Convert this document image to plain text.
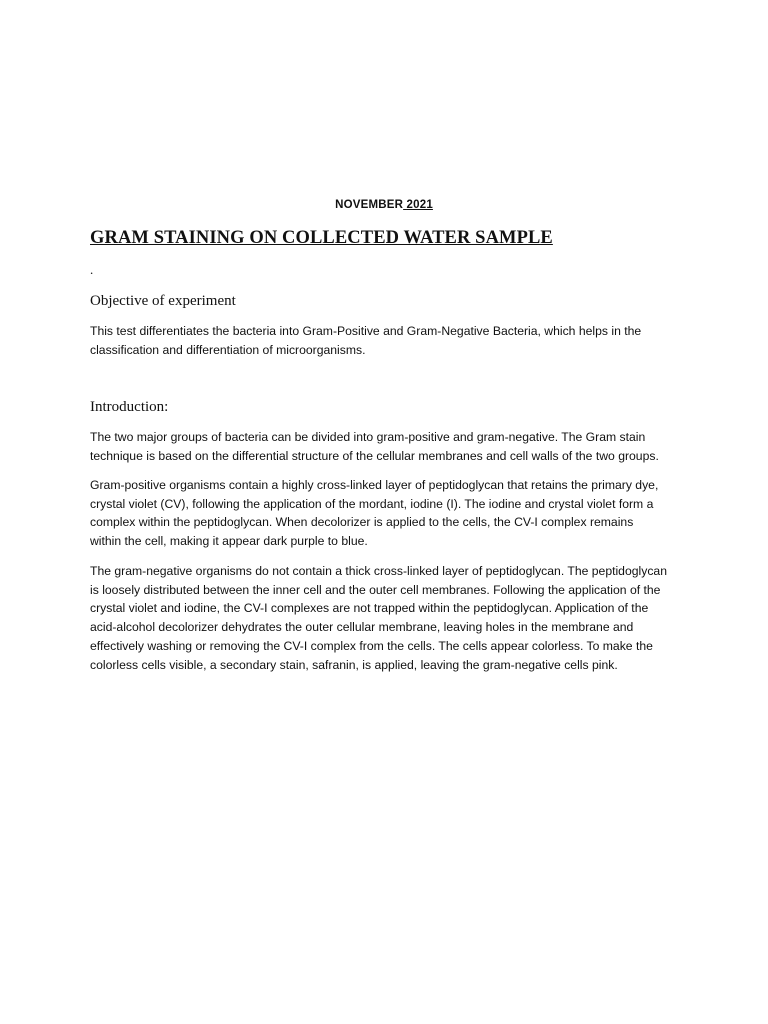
NOVEMBER 2021
GRAM STAINING ON COLLECTED WATER SAMPLE
.
Objective of experiment

This test differentiates the bacteria into Gram-Positive and Gram-Negative Bacteria, which helps in the
classification and differentiation of microorganisms.

Introduction:

The two major groups of bacteria can be divided into gram-positive and gram-negative. The Gram stain
technique is based on the differential structure of the cellular membranes and cell walls of the two groups.

Gram-positive organisms contain a highly cross-linked layer of peptidoglycan that retains the primary dye,
crystal violet (CV), following the application of the mordant, iodine (I). The iodine and crystal violet form a
complex within the peptidoglycan. When decolorizer is applied to the cells, the CV-I complex remains
within the cell, making it appear dark purple to blue.

The gram-negative organisms do not contain a thick cross-linked layer of peptidoglycan. The peptidoglycan
is loosely distributed between the inner cell and the outer cell membranes. Following the application of the
crystal violet and iodine, the CV-I complexes are not trapped within the peptidoglycan. Application of the
acid-alcohol decolorizer dehydrates the outer cellular membrane, leaving holes in the membrane and
effectively washing or removing the CV-I complex from the cells. The cells appear colorless. To make the
colorless cells visible, a secondary stain, safranin, is applied, leaving the gram-negative cells pink.
